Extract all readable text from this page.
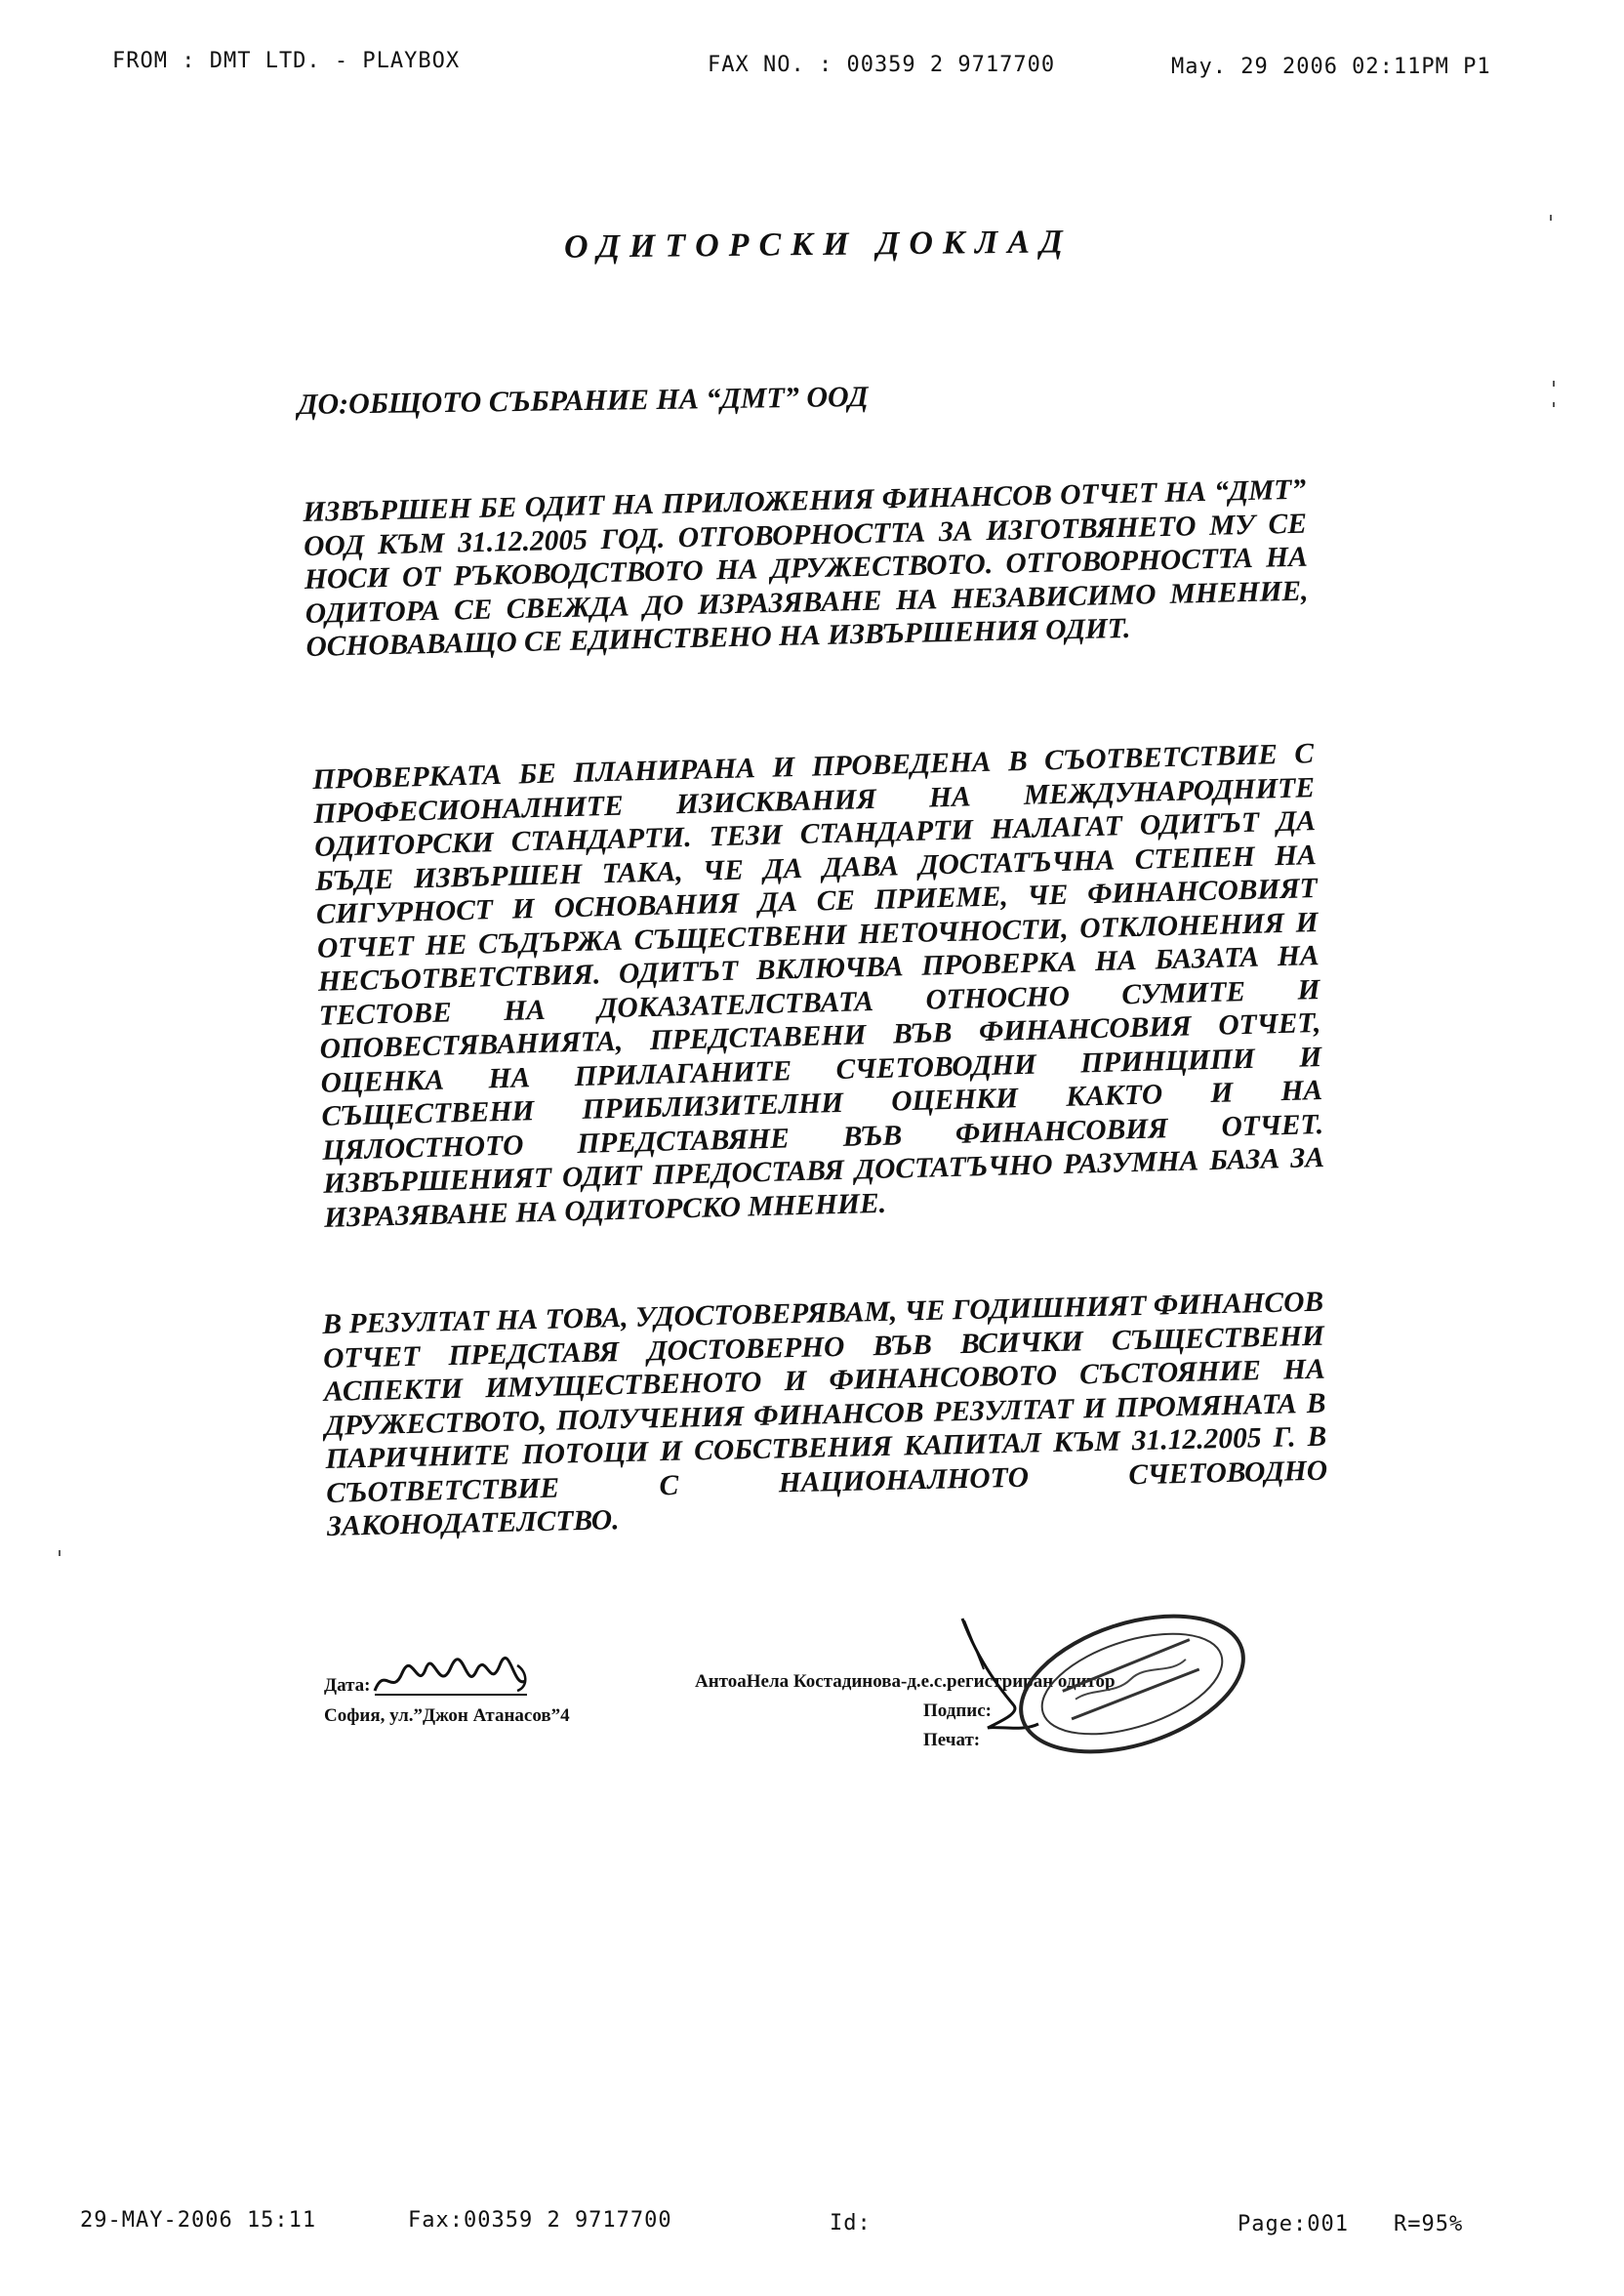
FROM : DMT LTD. - PLAYBOX	FAX NO. : 00359 2 9717700	May. 29 2006 02:11PM P1
ОДИТОРСКИ ДОКЛАД
ДО:ОБЩОТО СЪБРАНИЕ НА “ДМТ” ООД

ИЗВЪРШЕН БЕ ОДИТ НА ПРИЛОЖЕНИЯ ФИНАНСОВ ОТЧЕТ НА “ДМТ” ООД КЪМ 31.12.2005 ГОД. ОТГОВОРНОСТТА ЗА ИЗГОТВЯНЕТО МУ СЕ НОСИ ОТ РЪКОВОДСТВОТО НА ДРУЖЕСТВОТО. ОТГОВОРНОСТТА НА ОДИТОРА СЕ СВЕЖДА ДО ИЗРАЗЯВАНЕ НА НЕЗАВИСИМО МНЕНИЕ, ОСНОВАВАЩО СЕ ЕДИНСТВЕНО НА ИЗВЪРШЕНИЯ ОДИТ.

ПРОВЕРКАТА БЕ ПЛАНИРАНА И ПРОВЕДЕНА В СЪОТВЕТСТВИЕ С ПРОФЕСИОНАЛНИТЕ ИЗИСКВАНИЯ НА МЕЖДУНАРОДНИТЕ ОДИТОРСКИ СТАНДАРТИ. ТЕЗИ СТАНДАРТИ НАЛАГАТ ОДИТЪТ ДА БЪДЕ ИЗВЪРШЕН ТАКА, ЧЕ ДА ДАВА ДОСТАТЪЧНА СТЕПЕН НА СИГУРНОСТ И ОСНОВАНИЯ ДА СЕ ПРИЕМЕ, ЧЕ ФИНАНСОВИЯТ ОТЧЕТ НЕ СЪДЪРЖА СЪЩЕСТВЕНИ НЕТОЧНОСТИ, ОТКЛОНЕНИЯ И НЕСЪОТВЕТСТВИЯ. ОДИТЪТ ВКЛЮЧВА ПРОВЕРКА НА БАЗАТА НА ТЕСТОВЕ НА ДОКАЗАТЕЛСТВАТА ОТНОСНО СУМИТЕ И ОПОВЕСТЯВАНИЯТА, ПРЕДСТАВЕНИ ВЪВ ФИНАНСОВИЯ ОТЧЕТ, ОЦЕНКА НА ПРИЛАГАНИТЕ СЧЕТОВОДНИ ПРИНЦИПИ И СЪЩЕСТВЕНИ ПРИБЛИЗИТЕЛНИ ОЦЕНКИ КАКТО И НА ЦЯЛОСТНОТО ПРЕДСТАВЯНЕ ВЪВ ФИНАНСОВИЯ ОТЧЕТ. ИЗВЪРШЕНИЯТ ОДИТ ПРЕДОСТАВЯ ДОСТАТЪЧНО РАЗУМНА БАЗА ЗА ИЗРАЗЯВАНЕ НА ОДИТОРСКО МНЕНИЕ.

В РЕЗУЛТАТ НА ТОВА, УДОСТОВЕРЯВАМ, ЧЕ ГОДИШНИЯТ ФИНАНСОВ ОТЧЕТ ПРЕДСТАВЯ ДОСТОВЕРНО ВЪВ ВСИЧКИ СЪЩЕСТВЕНИ АСПЕКТИ ИМУЩЕСТВЕНОТО И ФИНАНСОВОТО СЪСТОЯНИЕ НА ДРУЖЕСТВОТО, ПОЛУЧЕНИЯ ФИНАНСОВ РЕЗУЛТАТ И ПРОМЯНАТА В ПАРИЧНИТЕ ПОТОЦИ И СОБСТВЕНИЯ КАПИТАЛ КЪМ 31.12.2005 Г. В СЪОТВЕТСТВИЕ С НАЦИОНАЛНОТО СЧЕТОВОДНО ЗАКОНОДАТЕЛСТВО.

Дата:
София, ул.”Джон Атанасов”4
АнтоаНела Костадинова-д.е.с.регистриран одитор
Подпис:
Печат:
29-MAY-2006 15:11	Fax:00359 2 9717700	Id:	Page:001 R=95%
